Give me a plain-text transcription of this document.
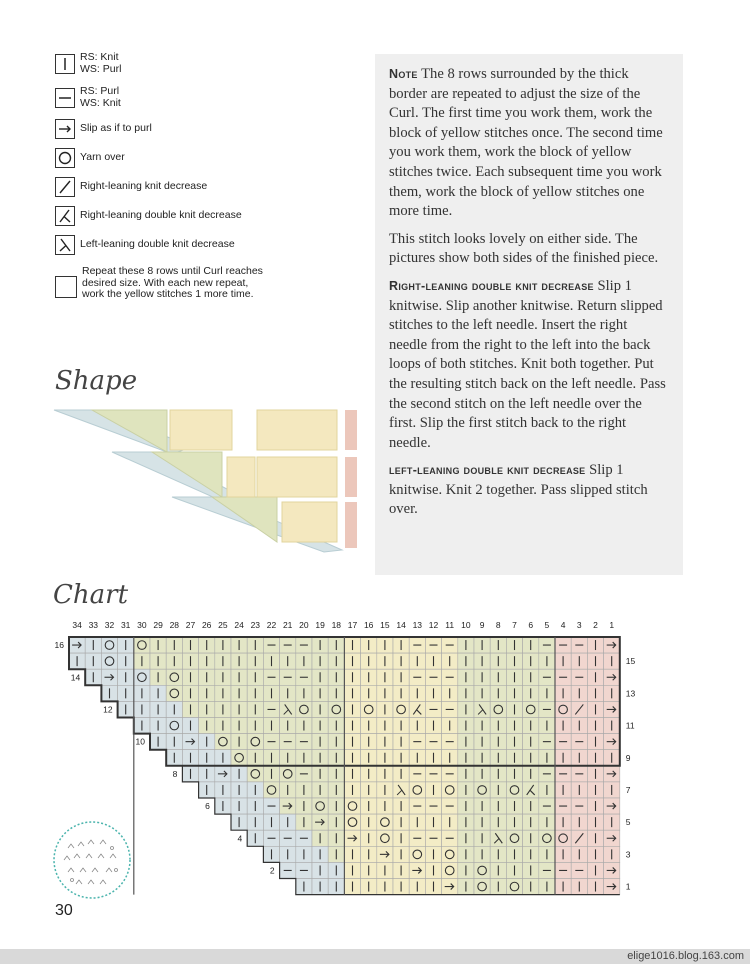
RS: Knit
WS: Purl
RS: Purl
WS: Knit
Slip as if to purl
Yarn over
Right-leaning knit decrease
Right-leaning double knit decrease
Left-leaning double knit decrease
Repeat these 8 rows until Curl reaches
desired size. With each new repeat,
work the yellow stitches 1 more time.

Note The 8 rows surrounded by the thick border are repeated to adjust the size of the Curl. The first time you work them, work the block of yellow stitches once. The second time you work them, work the block of yellow stitches twice. Each subsequent time you work them, work the block of yellow stitches one more time.

This stitch looks lovely on either side. The pictures show both sides of the finished piece.

Right-leaning double knit decrease Slip 1 knitwise. Slip another knitwise. Return slipped stitches to the left needle. Insert the right needle from the right to the left into the back loops of both stitches. Knit both together. Put the resulting stitch back on the left needle. Pass the second stitch on the left needle over the first. Slip the first stitch back to the right needle.

left-leaning double knit decrease Slip 1 knitwise. Knit 2 together. Pass slipped stitch over.

Shape
Chart
34 33 32 31 30 29 28 27 26 25 24 23 22 21 20 19 18 17 16 15 14 13 12 11 10 9 8 7 6 5 4 3 2 1
16
14
12
10
8
6
4
2
15
13
11
9
7
5
3
1
30
elige1016.blog.163.com
